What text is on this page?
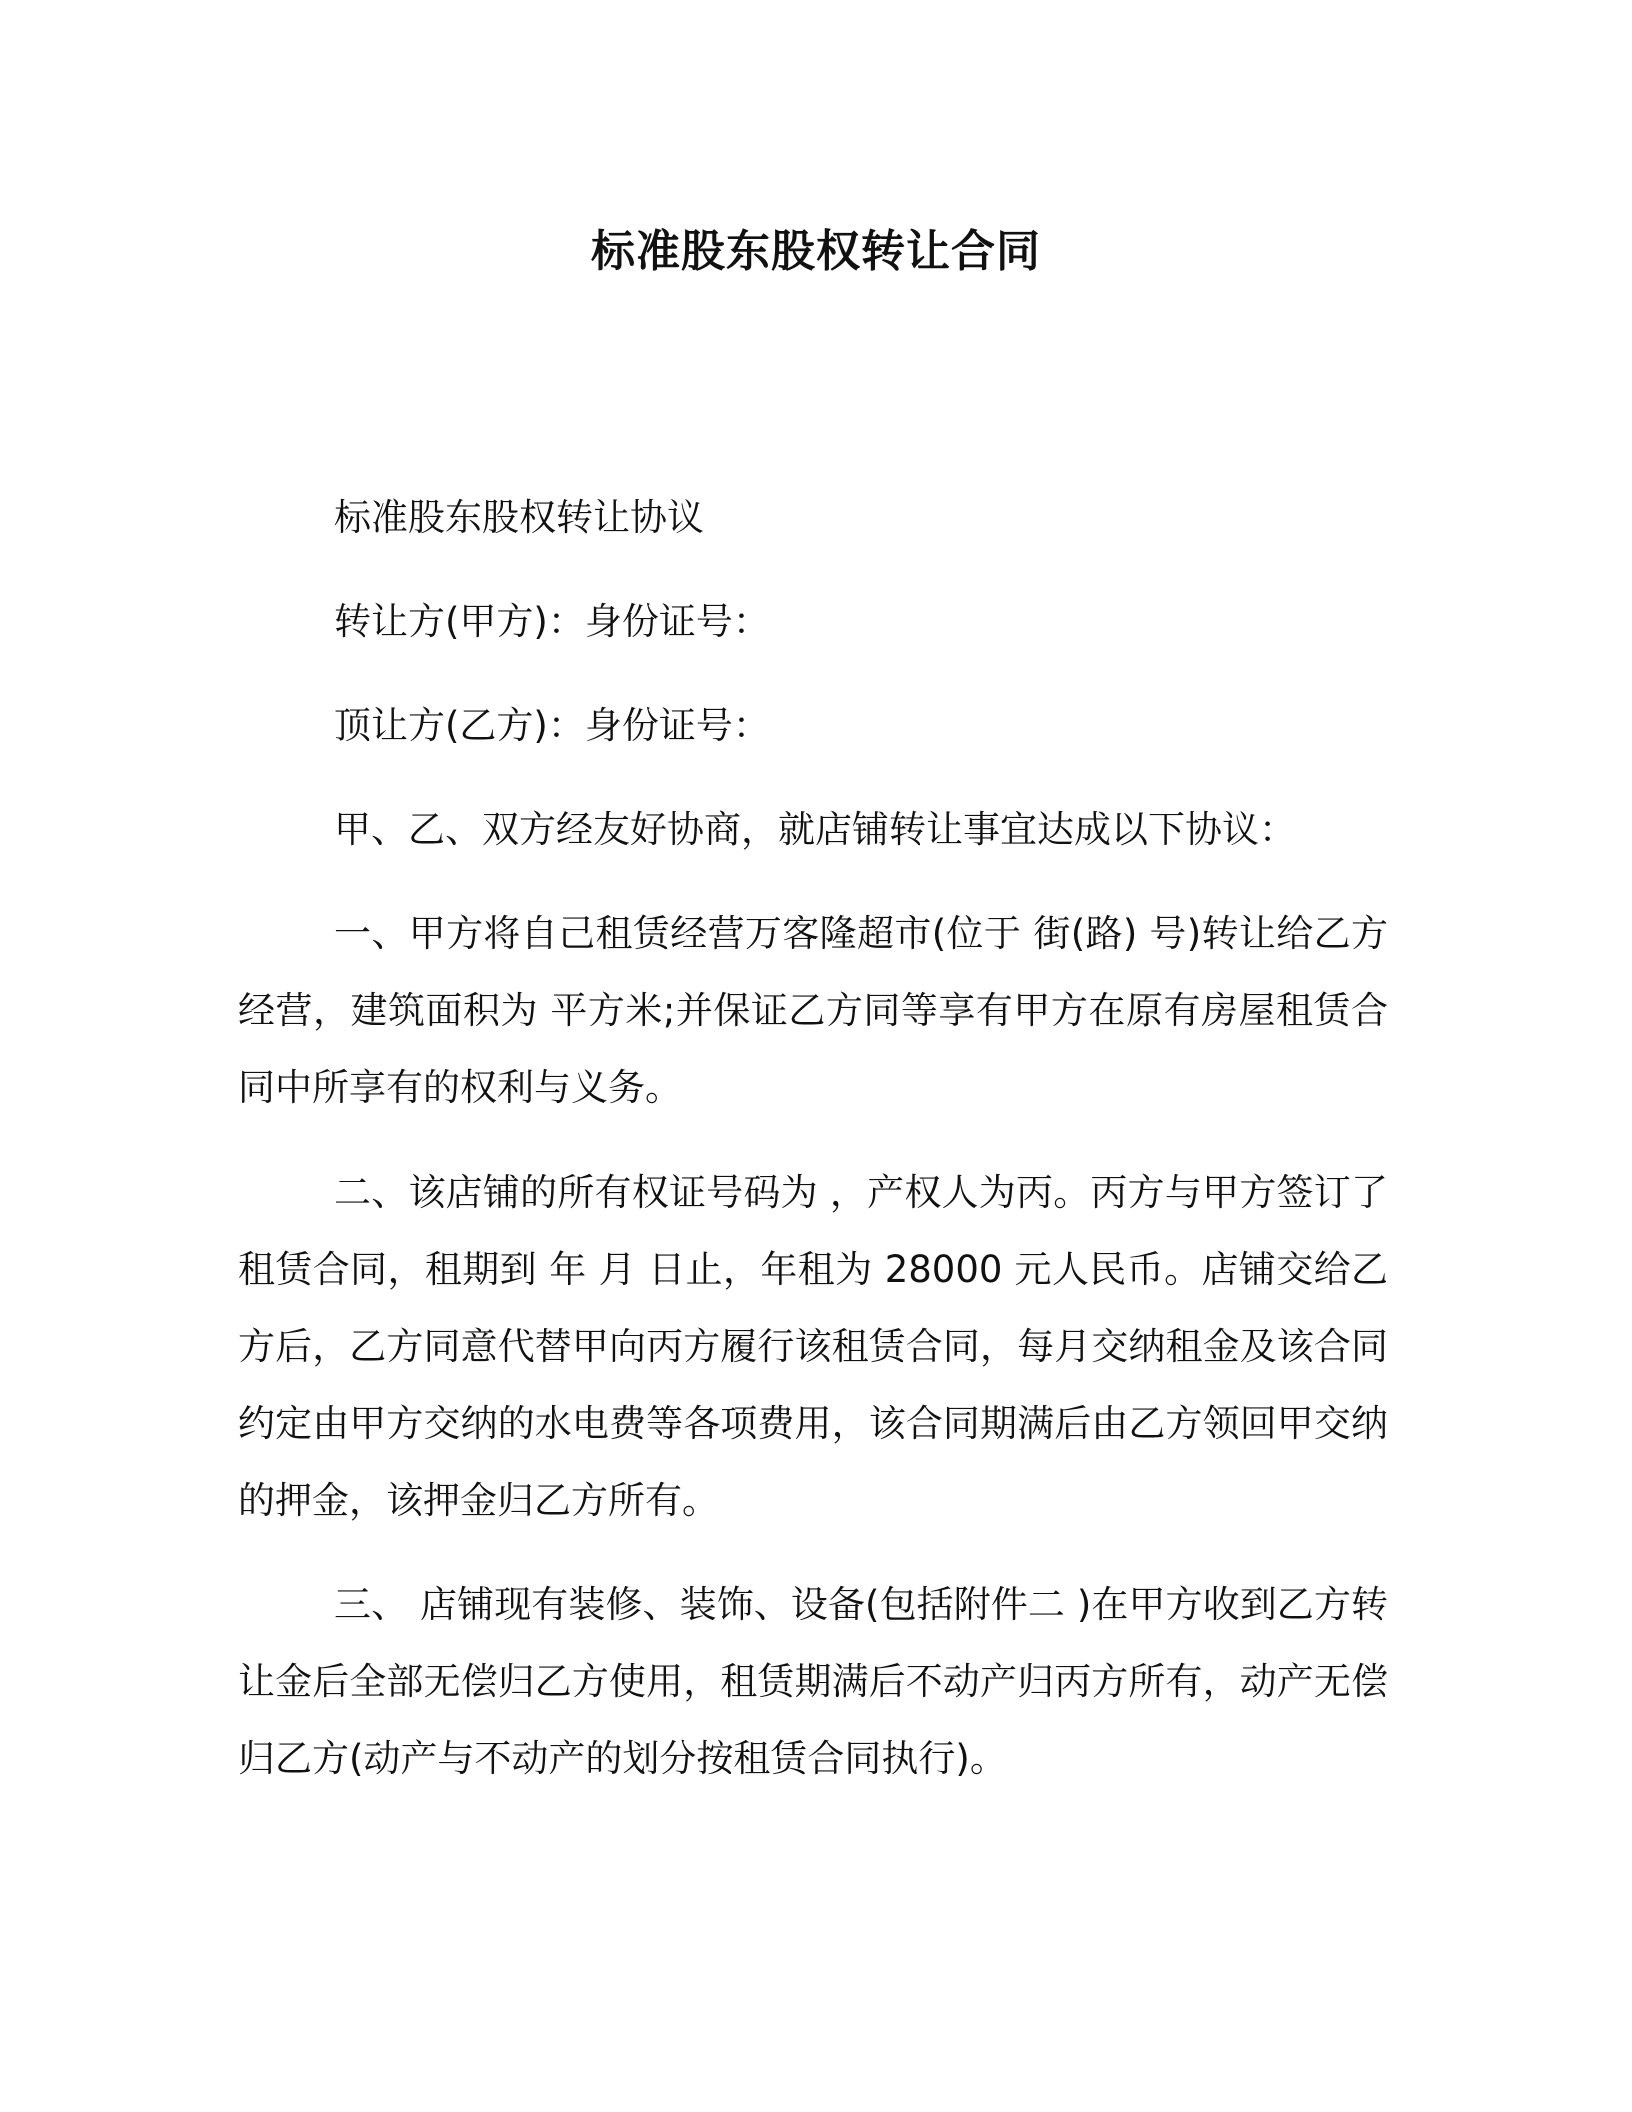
标准股东股权转让合同
标准股东股权转让协议
转让方(甲方)：身份证号：
顶让方(乙方)：身份证号：
甲、乙、双方经友好协商，就店铺转让事宜达成以下协议：

一、甲方将自己租赁经营万客隆超市(位于 街(路) 号)转让给乙方经营，建筑面积为 平方米;并保证乙方同等享有甲方在原有房屋租赁合同中所享有的权利与义务。

二、该店铺的所有权证号码为 ，产权人为丙。丙方与甲方签订了租赁合同，租期到 年 月 日止，年租为 28000 元人民币。店铺交给乙方后，乙方同意代替甲向丙方履行该租赁合同，每月交纳租金及该合同约定由甲方交纳的水电费等各项费用，该合同期满后由乙方领回甲交纳的押金，该押金归乙方所有。

三、 店铺现有装修、装饰、设备(包括附件二 )在甲方收到乙方转让金后全部无偿归乙方使用，租赁期满后不动产归丙方所有，动产无偿归乙方(动产与不动产的划分按租赁合同执行)。
